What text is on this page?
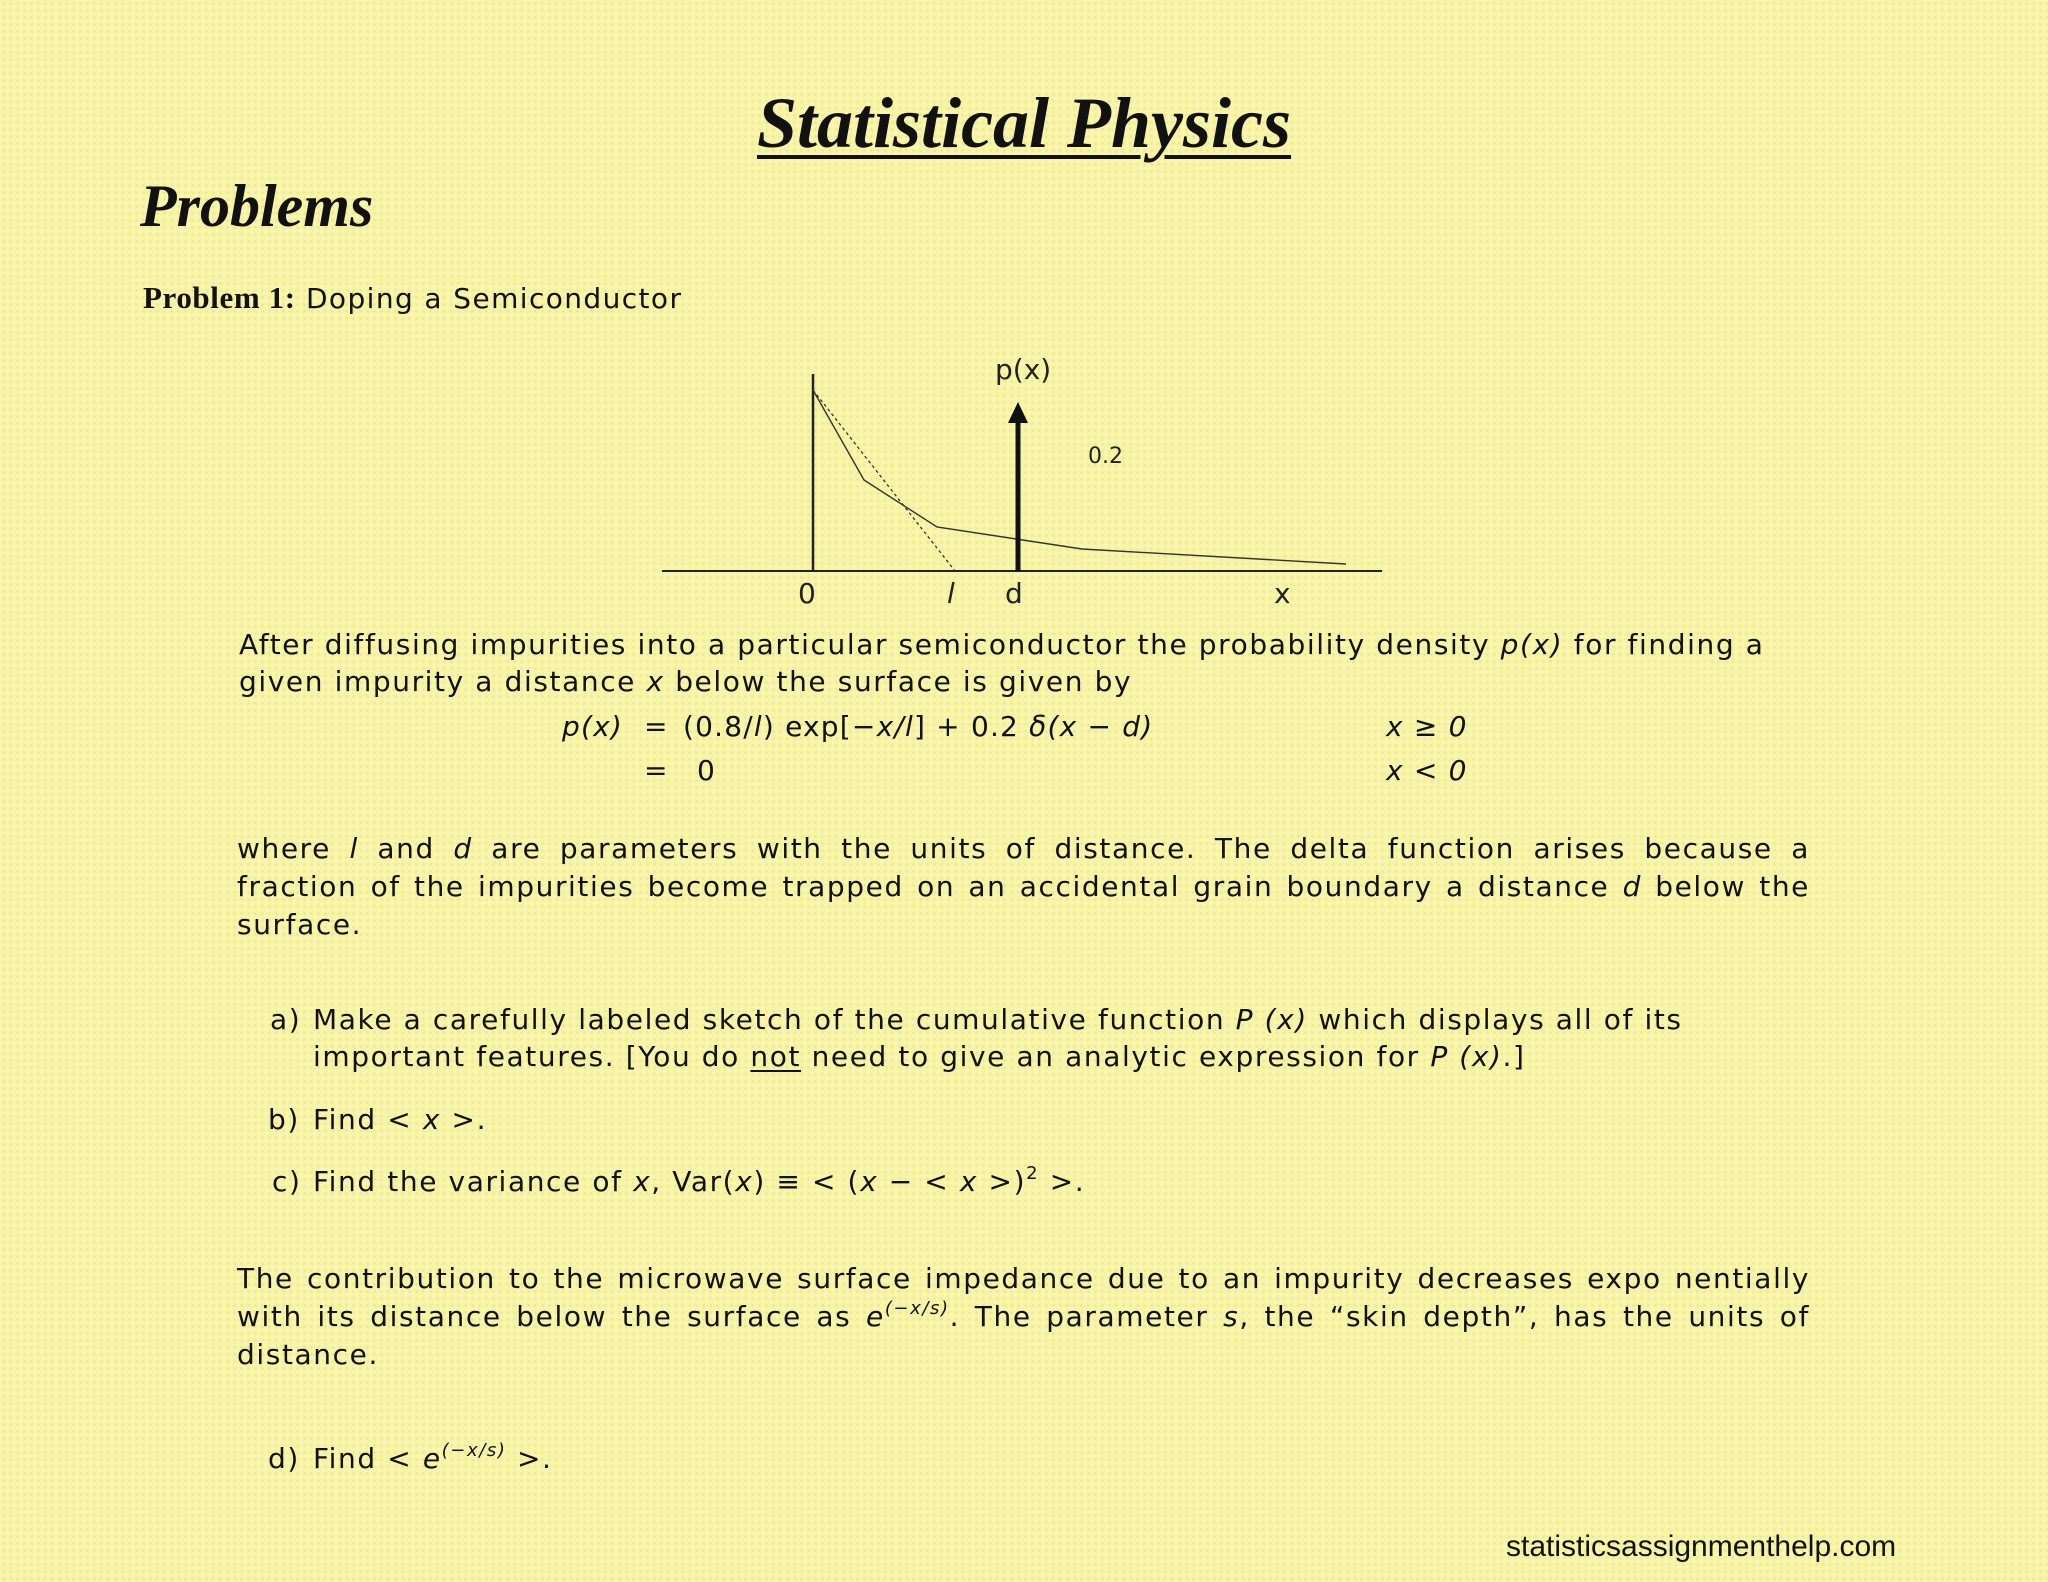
Statistical Physics
Problems
Problem 1: Doping a Semiconductor
p(x)
0.2
0	l d	x

After diffusing impurities into a particular semiconductor the probability density p(x) for finding a

given impurity a distance x below the surface is given by

p(x) = (0.8/l) exp[−x/l] + 0.2 δ(x − d)	x ≥ 0
= 0	x < 0

where l and d are parameters with the units of distance. The delta function arises because a fraction of the impurities become trapped on an accidental grain boundary a distance d below the surface.

a) Make a carefully labeled sketch of the cumulative function P (x) which displays all of its
important features. [You do not need to give an analytic expression for P (x).]
b) Find < x >.
c) Find the variance of x, Var(x) ≡ < (x − < x >)$^2$ >.

The contribution to the microwave surface impedance due to an impurity decreases expo nentially with its distance below the surface as $e^{(-x/s)}$. The parameter s, the “skin depth”, has the units of distance.

d) Find < $e^{(-x/s)}$ >.
statisticsassignmenthelp.com
